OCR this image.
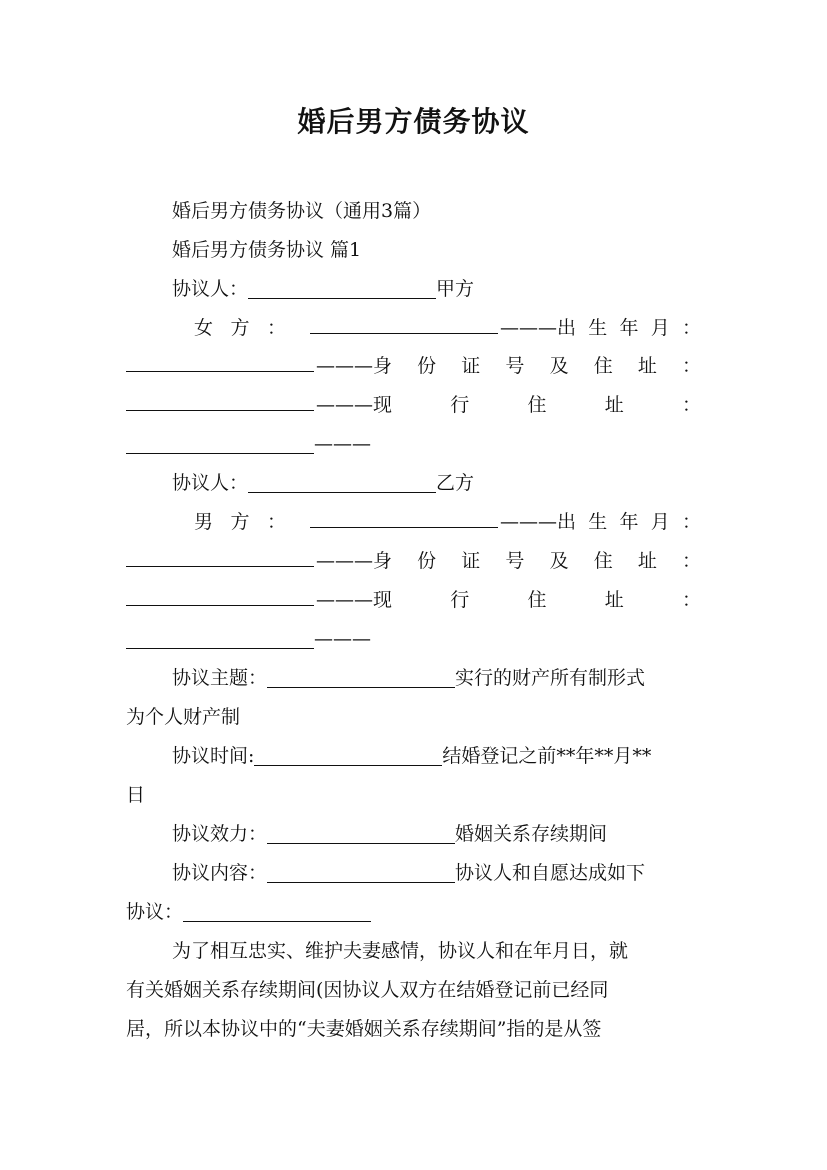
婚后男方债务协议
婚后男方债务协议（通用3篇）
婚后男方债务协议 篇1
协议人：	甲方
女 方 ：	———出 生 年 月 ：
———身 份 证 号 及 住 址 ：
———现	行	住	址	：
———
协议人：	乙方
男 方 ：	———出 生 年 月 ：
———身 份 证 号 及 住 址 ：
———现	行	住	址	：
———
协议主题：	实行的财产所有制形式
为个人财产制
协议时间:	结婚登记之前**年**月**
日
协议效力：	婚姻关系存续期间
协议内容：	协议人和自愿达成如下
协议：
为了相互忠实、维护夫妻感情，协议人和在年月日，就
有关婚姻关系存续期间(因协议人双方在结婚登记前已经同
居，所以本协议中的“夫妻婚姻关系存续期间”指的是从签
